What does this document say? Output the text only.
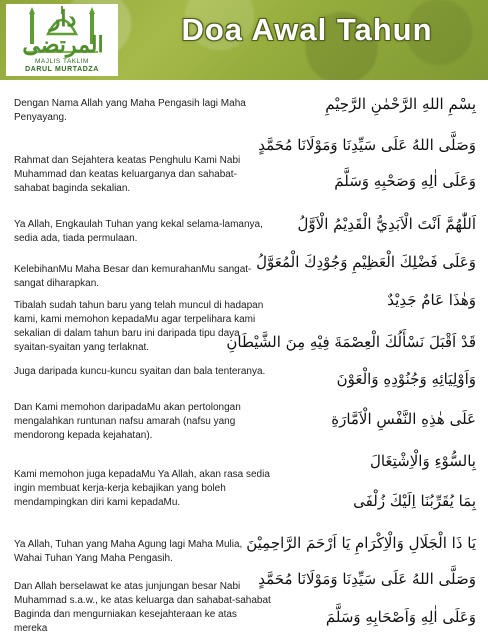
دار المرتضى
MAJLIS TAKLIM
DARUL MURTADZA
Doa Awal Tahun
Dengan Nama Allah yang Maha Pengasih lagi Maha Penyayang.
Rahmat dan Sejahtera keatas Penghulu Kami Nabi Muhammad dan keatas keluarganya dan sahabat-sahabat baginda sekalian.
Ya Allah, Engkaulah Tuhan yang kekal selama-lamanya, sedia ada, tiada permulaan.
KelebihanMu Maha Besar dan kemurahanMu sangat-sangat diharapkan.
Tibalah sudah tahun baru yang telah muncul di hadapan kami, kami memohon kepadaMu agar terpelihara kami sekalian di dalam tahun baru ini daripada tipu daya syaitan-syaitan yang terlaknat.
Juga daripada kuncu-kuncu syaitan dan bala tenteranya.
Dan Kami memohon daripadaMu akan pertolongan mengalahkan runtunan nafsu amarah (nafsu yang mendorong kepada kejahatan).
Kami memohon juga kepadaMu Ya Allah, akan rasa sedia ingin membuat kerja-kerja kebajikan yang boleh mendampingkan diri kami kepadaMu.
Ya Allah, Tuhan yang Maha Agung lagi Maha Mulia, Wahai Tuhan Yang Maha Pengasih.
Dan Allah berselawat ke atas junjungan besar Nabi Muhammad s.a.w., ke atas keluarga dan sahabat-sahabat Baginda dan mengurniakan kesejahteraan ke atas mereka
بِسْمِ اللهِ الرَّحْمٰنِ الرَّحِيْمِ
وَصَلَّى اللهُ عَلَى سَيِّدِنَا وَمَوْلَانَا مُحَمَّدٍ
وَعَلَى اٰلِهِ وَصَحْبِهِ وَسَلَّمَ
اَللّٰهُمَّ اَنْتَ الْاَبَدِيُّ الْقَدِيْمُ الْاَوَّلُ
وَعَلَى فَضْلِكَ الْعَظِيْمِ وَجُوْدِكَ الْمُعَوَّلُ
وَهٰذَا عَامٌ جَدِيْدٌ
قَدْ اَقْبَلَ نَسْأَلُكَ الْعِصْمَةَ فِيْهِ مِنَ الشَّيْطَانِ
وَاَوْلِيَائِهِ وَجُنُوْدِهِ وَالْعَوْنَ
عَلَى هٰذِهِ النَّفْسِ الْاَمَّارَةِ
بِالسُّوْءِ وَالْاِشْتِغَالَ
بِمَا يُقَرِّبُنَا اِلَيْكَ زُلْفَى
يَا ذَا الْجَلَالِ وَالْاِكْرَامِ يَا اَرْحَمَ الرَّاحِمِيْنَ
وَصَلَّى اللهُ عَلَى سَيِّدِنَا وَمَوْلَانَا مُحَمَّدٍ
وَعَلَى اٰلِهِ وَاَصْحَابِهِ وَسَلَّمَ
